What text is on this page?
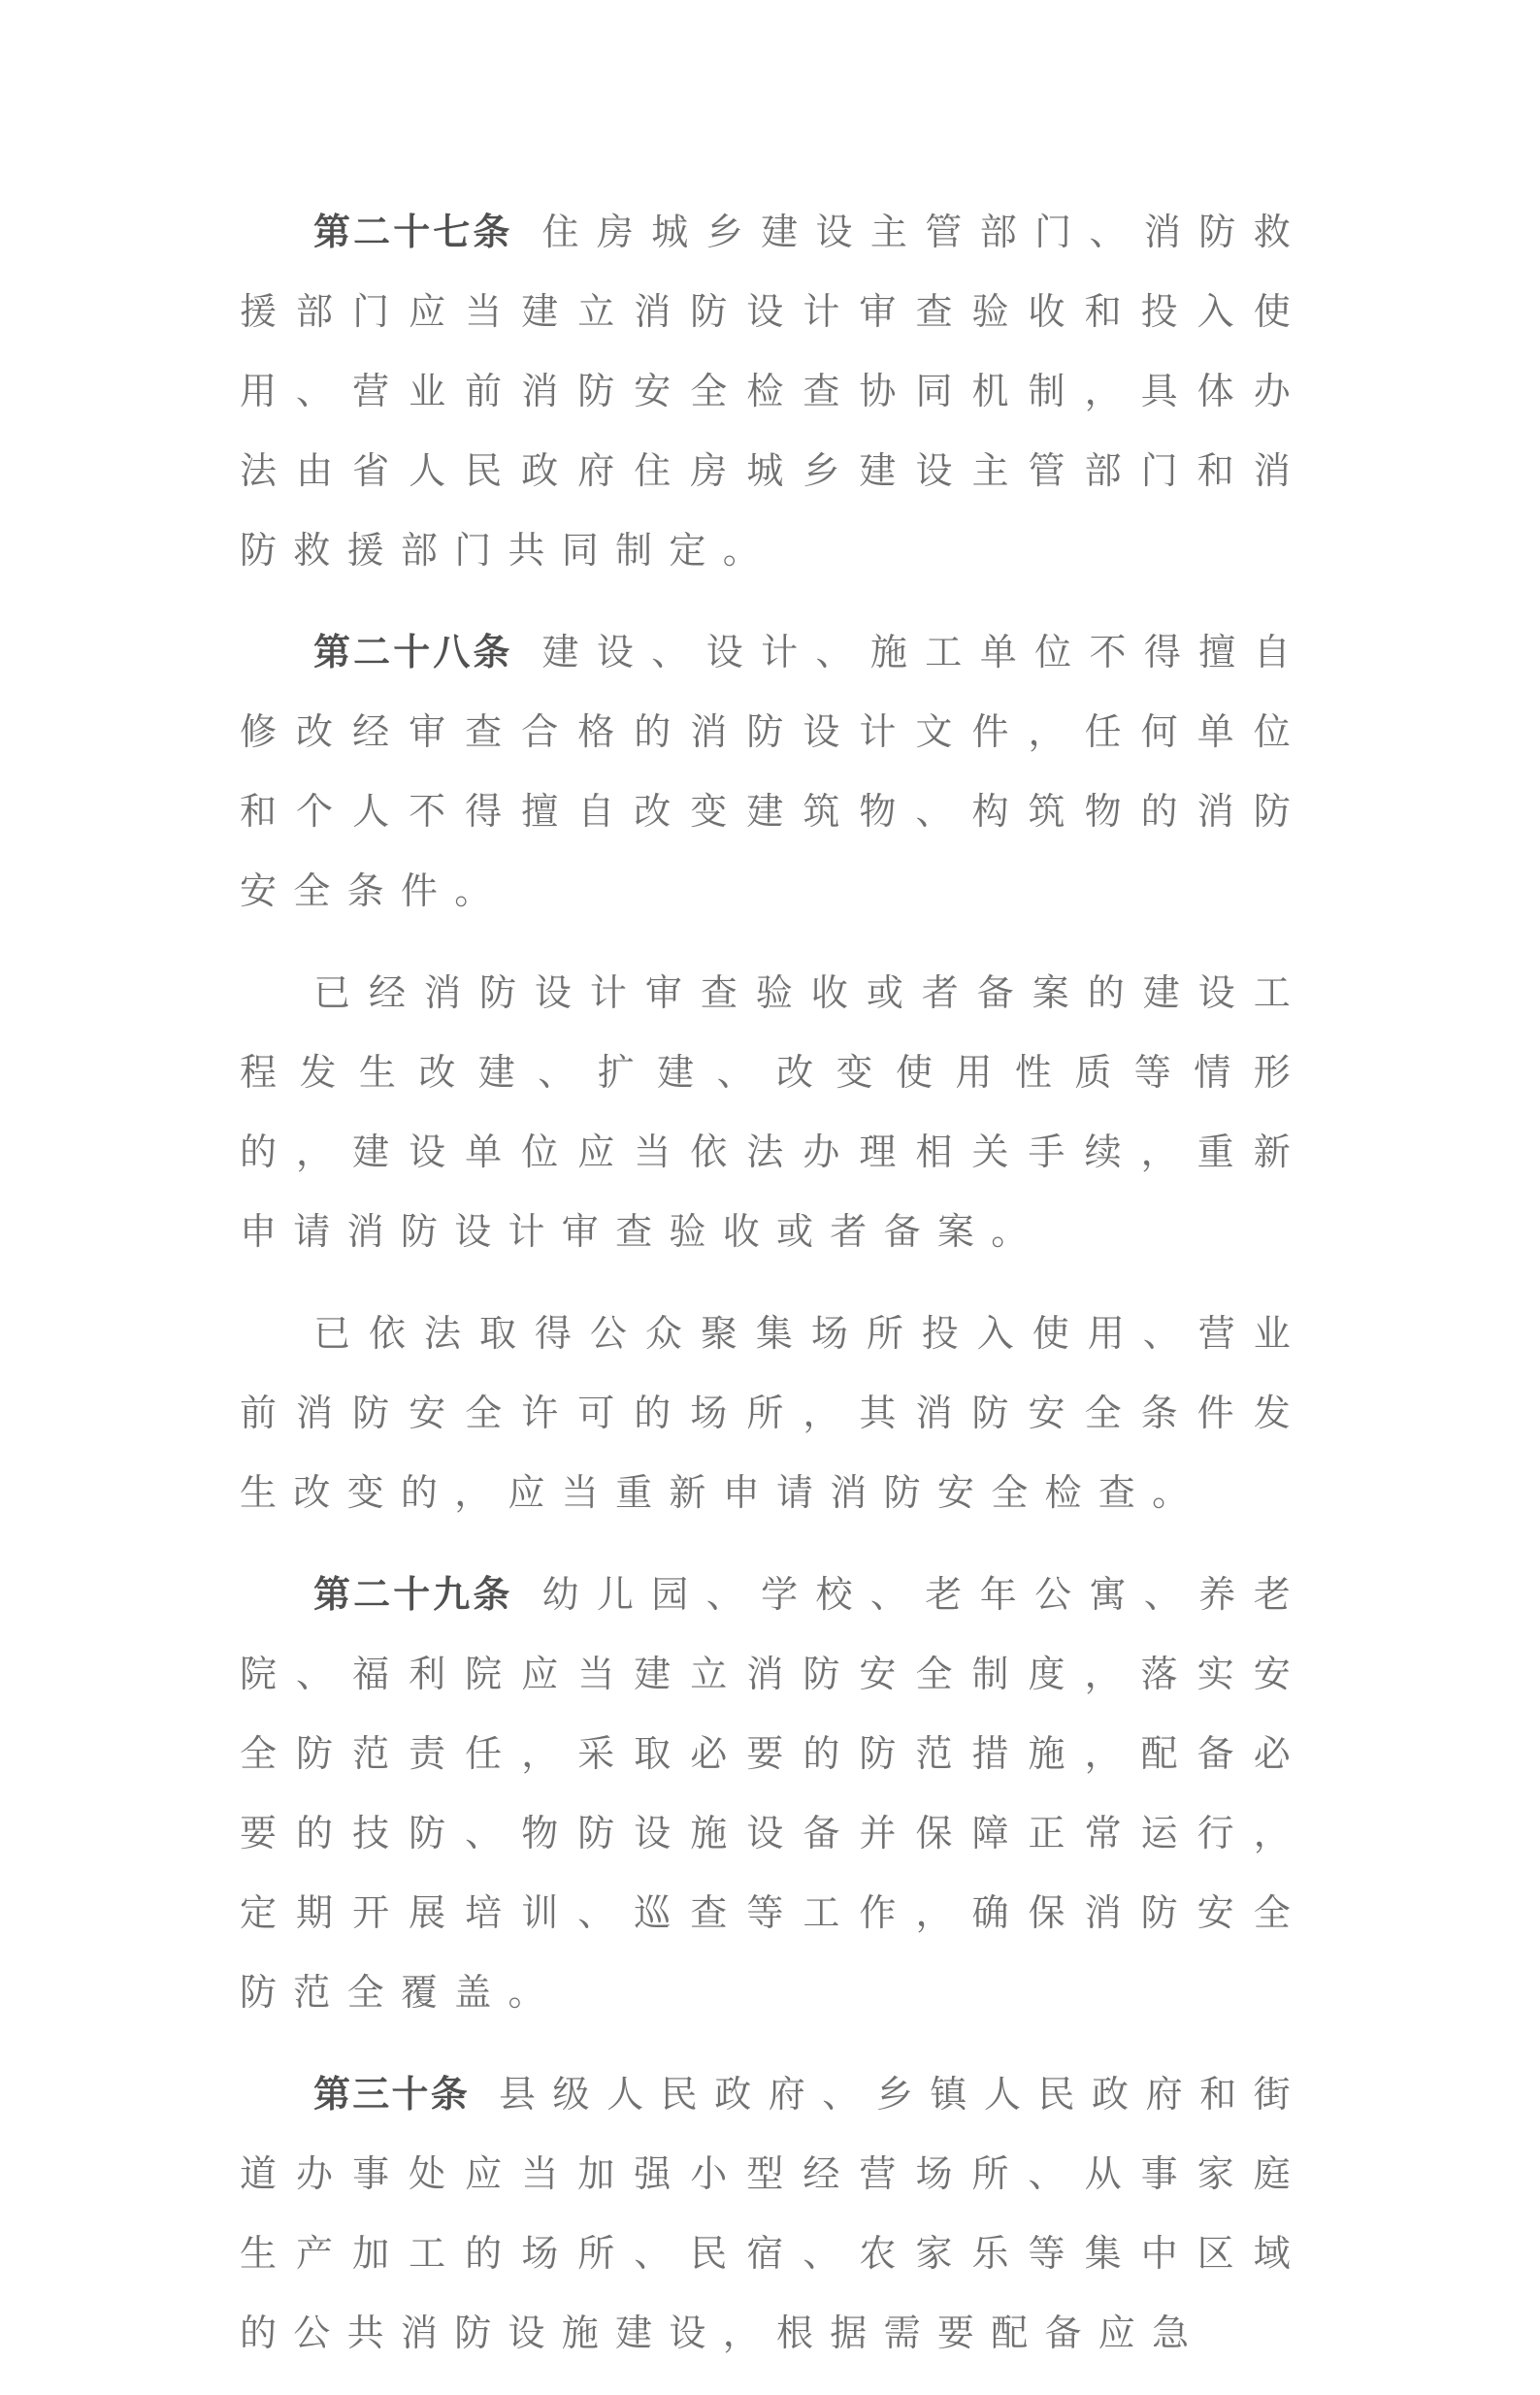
第二十七条 住房城乡建设主管部门、消防救援部门应当建立消防设计审查验收和投入使用、营业前消防安全检查协同机制，具体办法由省人民政府住房城乡建设主管部门和消防救援部门共同制定。

第二十八条 建设、设计、施工单位不得擅自修改经审查合格的消防设计文件，任何单位和个人不得擅自改变建筑物、构筑物的消防安全条件。

已经消防设计审查验收或者备案的建设工程发生改建、扩建、改变使用性质等情形的，建设单位应当依法办理相关手续，重新申请消防设计审查验收或者备案。

已依法取得公众聚集场所投入使用、营业前消防安全许可的场所，其消防安全条件发生改变的，应当重新申请消防安全检查。

第二十九条 幼儿园、学校、老年公寓、养老院、福利院应当建立消防安全制度，落实安全防范责任，采取必要的防范措施，配备必要的技防、物防设施设备并保障正常运行，定期开展培训、巡查等工作，确保消防安全防范全覆盖。

第三十条 县级人民政府、乡镇人民政府和街道办事处应当加强小型经营场所、从事家庭生产加工的场所、民宿、农家乐等集中区域的公共消防设施建设，根据需要配备应急
